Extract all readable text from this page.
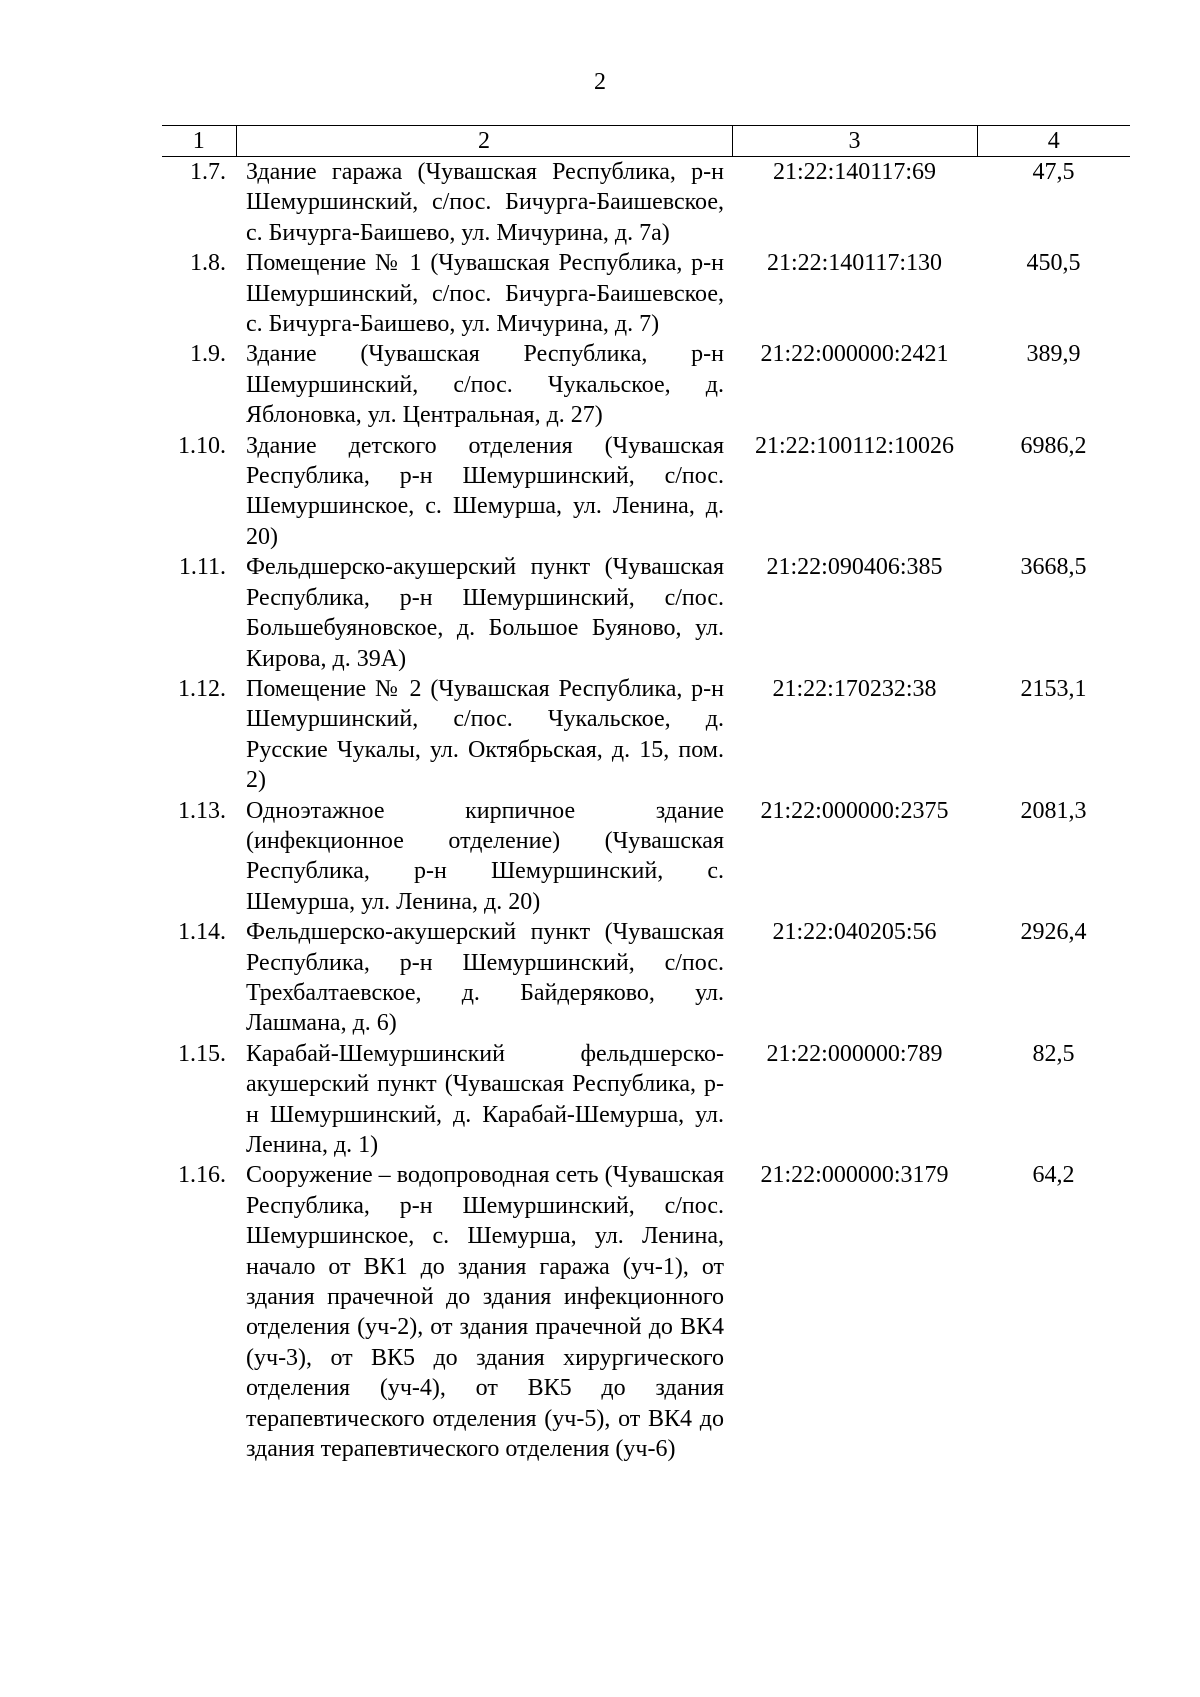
2
1	2	3	4
1.7.	Здание гаража (Чувашская Республика, р-н Шемуршинский, с/пос. Бичурга-Баишевское, с. Бичурга-Баишево, ул. Мичурина, д. 7а)	21:22:140117:69	47,5
1.8.	Помещение № 1 (Чувашская Республика, р-н Шемуршинский, с/пос. Бичурга-Баишевское, с. Бичурга-Баишево, ул. Мичурина, д. 7)	21:22:140117:130	450,5
1.9.	Здание (Чувашская Республика, р-н Шемуршинский, с/пос. Чукальское, д. Яблоновка, ул. Центральная, д. 27)	21:22:000000:2421	389,9
1.10.	Здание детского отделения (Чувашская Республика, р-н Шемуршинский, с/пос. Шемуршинское, с. Шемурша, ул. Ленина, д. 20)	21:22:100112:10026	6986,2
1.11.	Фельдшерско-акушерский пункт (Чувашская Республика, р-н Шемуршинский, с/пос. Большебуяновское, д. Большое Буяново, ул. Кирова, д. 39А)	21:22:090406:385	3668,5
1.12.	Помещение № 2 (Чувашская Республика, р-н Шемуршинский, с/пос. Чукальское, д. Русские Чукалы, ул. Октябрьская, д. 15, пом. 2)	21:22:170232:38	2153,1
1.13.	Одноэтажное кирпичное здание (инфекционное отделение) (Чувашская Республика, р-н Шемуршинский, с. Шемурша, ул. Ленина, д. 20)	21:22:000000:2375	2081,3
1.14.	Фельдшерско-акушерский пункт (Чувашская Республика, р-н Шемуршинский, с/пос. Трехбалтаевское, д. Байдеряково, ул. Лашмана, д. 6)	21:22:040205:56	2926,4
1.15.	Карабай-Шемуршинский фельдшерско-акушерский пункт (Чувашская Республика, р-н Шемуршинский, д. Карабай-Шемурша, ул. Ленина, д. 1)	21:22:000000:789	82,5
1.16.	Сооружение – водопроводная сеть (Чувашская Республика, р-н Шемуршинский, с/пос. Шемуршинское, с. Шемурша, ул. Ленина, начало от ВК1 до здания гаража (уч-1), от здания прачечной до здания инфекционного отделения (уч-2), от здания прачечной до ВК4 (уч-3), от ВК5 до здания хирургического отделения (уч-4), от ВК5 до здания терапевтического отделения (уч-5), от ВК4 до здания терапевтического отделения (уч-6)	21:22:000000:3179	64,2
